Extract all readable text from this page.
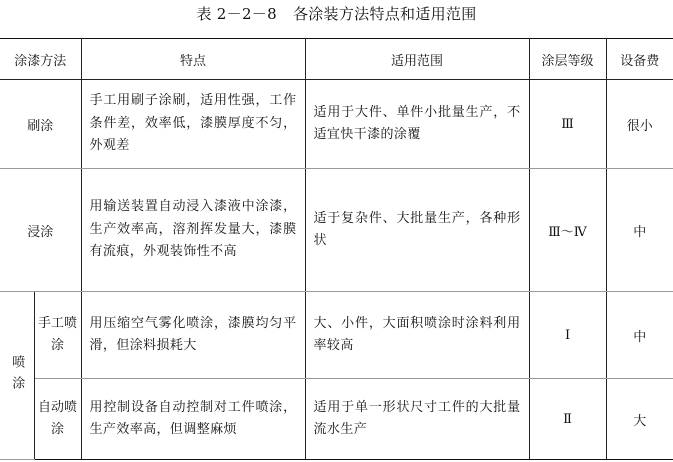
表 2－2－8 各涂装方法特点和适用范围
涂漆方法		特点	适用范围	涂层等级	设备费
刷涂		手工用刷子涂刷，适用性强，工作条件差，效率低，漆膜厚度不匀，外观差	适用于大件、单件小批量生产，不适宜快干漆的涂覆	Ⅲ	很小
浸涂		用输送装置自动浸入漆液中涂漆，生产效率高，溶剂挥发量大，漆膜有流痕，外观装饰性不高	适于复杂件、大批量生产，各种形状	Ⅲ～Ⅳ	中

喷涂	手工喷涂	用压缩空气雾化喷涂，漆膜均匀平滑，但涂料损耗大	大、小件，大面积喷涂时涂料利用率较高	Ⅰ	中

	自动喷涂	用控制设备自动控制对工件喷涂，生产效率高，但调整麻烦	适用于单一形状尺寸工件的大批量流水生产	Ⅱ	大
